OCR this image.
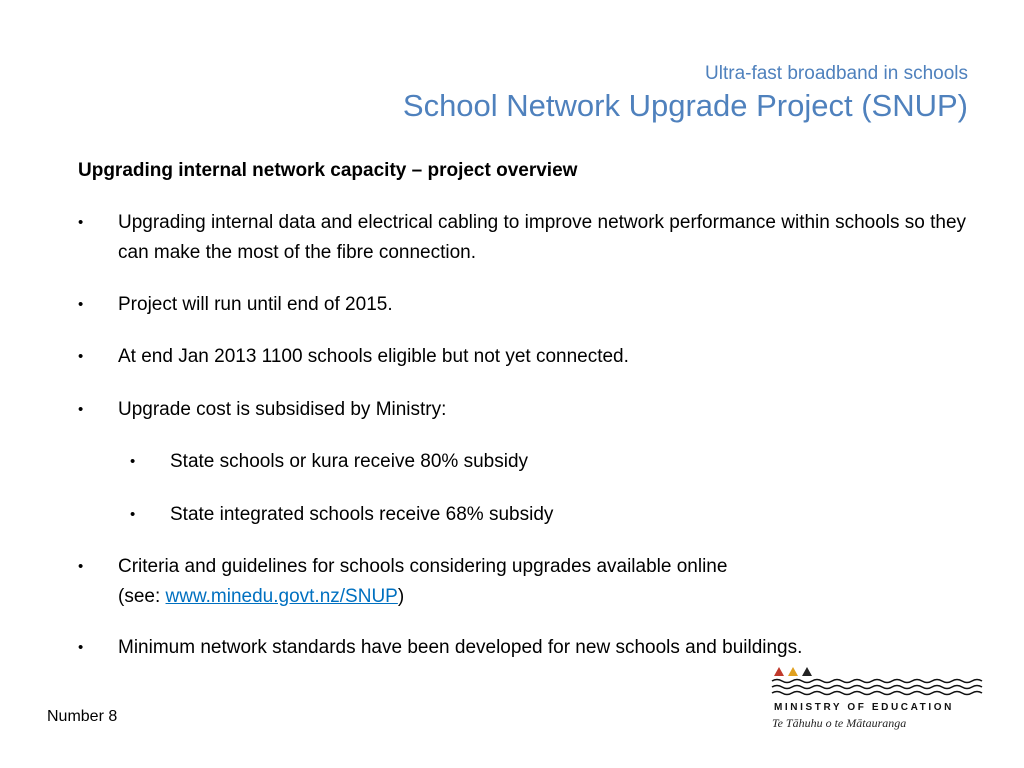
Ultra-fast broadband in schools
School Network Upgrade Project (SNUP)

Upgrading internal network capacity – project overview

•	Upgrading internal data and electrical cabling to improve network performance within schools so they can make the most of the fibre connection.

•	Project will run until end of 2015.

•	At end Jan 2013 1100 schools eligible but not yet connected.

•	Upgrade cost is subsidised by Ministry:

•	State schools or kura receive 80% subsidy

•	State integrated schools receive 68% subsidy

•	Criteria and guidelines for schools considering upgrades available online
(see: www.minedu.govt.nz/SNUP)

•	Minimum network standards have been developed for new schools and buildings.

Number 8
MINISTRY OF EDUCATION
Te Tāhuhu o te Mātauranga
